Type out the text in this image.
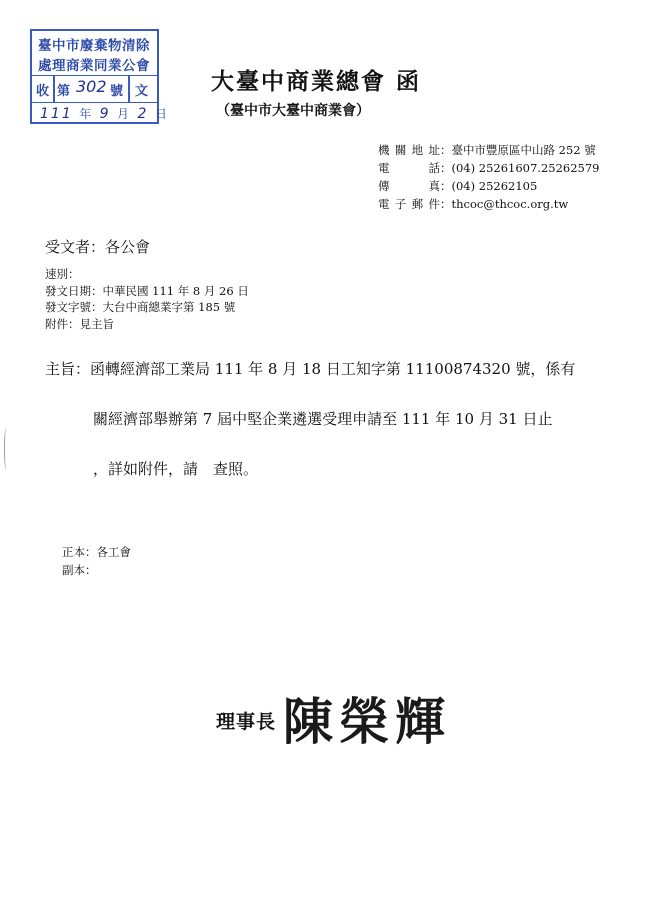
臺中市廢棄物清除
處理商業同業公會
收 第 302 號 文
111 年 9 月 2 日
大臺中商業總會 函
（臺中市大臺中商業會）
機關地址：臺中市豐原區中山路 252 號
電話：(04) 25261607.25262579
傳真：(04) 25262105
電子郵件：thcoc@thcoc.org.tw
受文者：各公會
速別：
發文日期：中華民國 111 年 8 月 26 日
發文字號：大台中商總業字第 185 號
附件：見主旨
主旨：函轉經濟部工業局 111 年 8 月 18 日工知字第 11100874320 號，係有
關經濟部舉辦第 7 屆中堅企業遴選受理申請至 111 年 10 月 31 日止
，詳如附件，請　查照。
正本：各工會
副本：
理事長 陳榮輝
